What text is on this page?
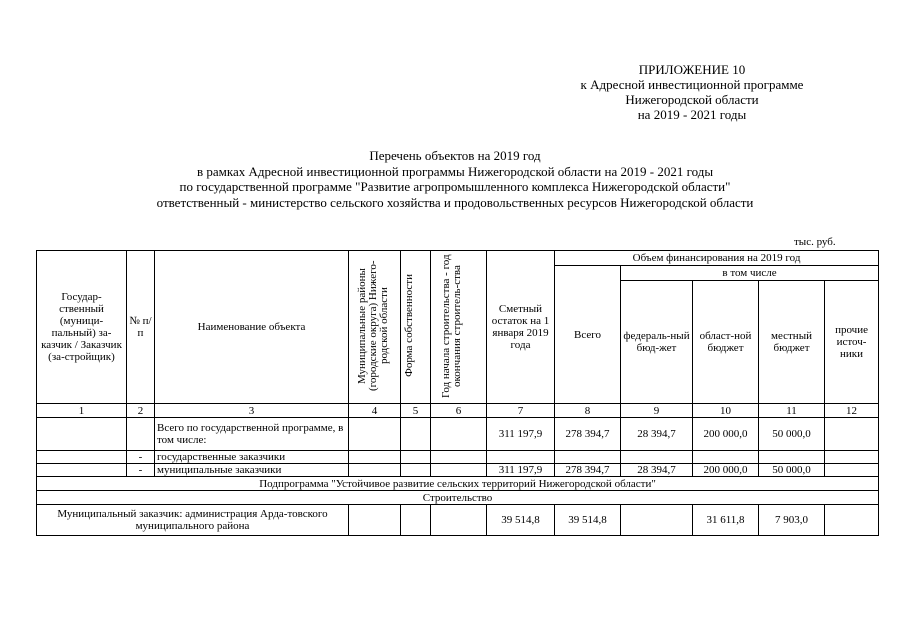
ПРИЛОЖЕНИЕ 10
к Адресной инвестиционной программе
Нижегородской области
на 2019 - 2021 годы
Перечень объектов на 2019 год
в рамках Адресной инвестиционной программы Нижегородской области на 2019 - 2021 годы
по государственной программе "Развитие агропромышленного комплекса Нижегородской области"
ответственный - министерство сельского хозяйства и продовольственных ресурсов Нижегородской области
тыс. руб.
Государ-ственный (муници-пальный) за-казчик / Заказчик (за-стройщик)	№ п/п	Наименование объекта	Муниципальные районы (городские округа) Нижего-родской области	Форма собственности	Год начала строительства - год окончания строитель-ства	Сметный остаток на 1 января 2019 года	Объем финансирования на 2019 год				
							Всего	в том числе			
								федераль-ный бюд-жет	област-ной бюджет	местный бюджет	прочие источ-ники
1	2	3	4	5	6	7	8	9	10	11	12
		Всего по государственной программе, в том числе:				311 197,9	278 394,7	28 394,7	200 000,0	50 000,0	
	-	государственные заказчики									
	-	муниципальные заказчики				311 197,9	278 394,7	28 394,7	200 000,0	50 000,0	
Подпрограмма "Устойчивое развитие сельских территорий Нижегородской области"											
Строительство											
Муниципальный заказчик: администрация Арда-товского муниципального района						39 514,8	39 514,8		31 611,8	7 903,0	
